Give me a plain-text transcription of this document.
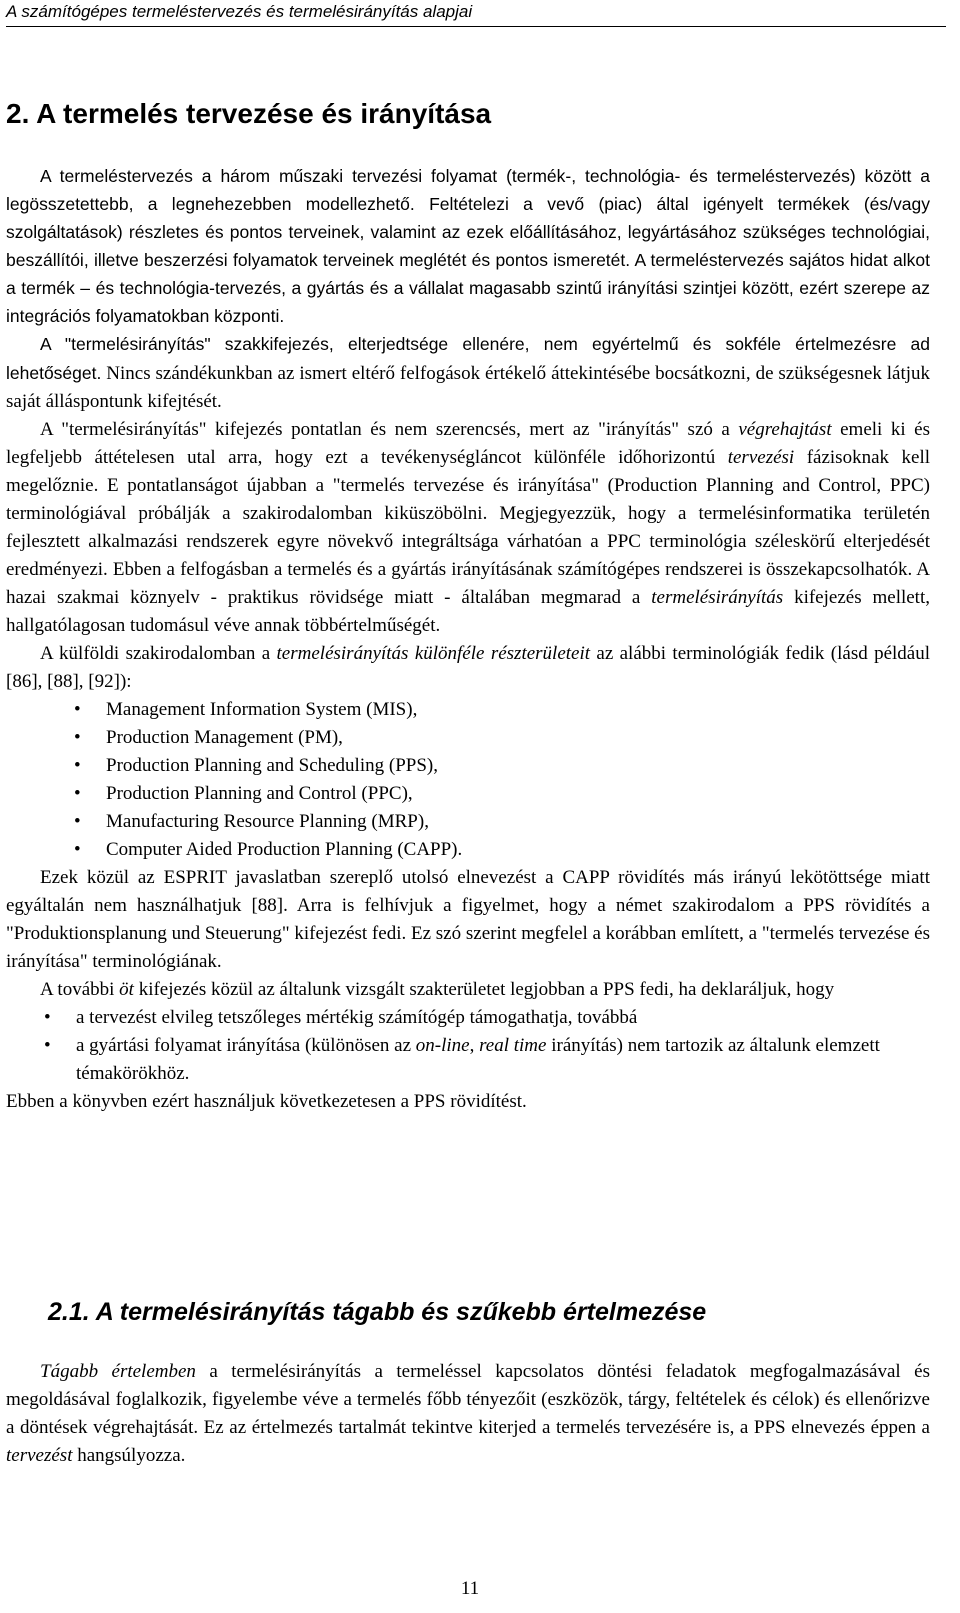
A számítógépes termeléstervezés és termelésirányítás alapjai
2. A termelés tervezése és irányítása

A termeléstervezés a három műszaki tervezési folyamat (termék-, technológia- és termeléstervezés) között a legösszetettebb, a legnehezebben modellezhető. Feltételezi a vevő (piac) által igényelt termékek (és/vagy szolgáltatások) részletes és pontos terveinek, valamint az ezek előállításához, legyártásához szükséges technológiai, beszállítói, illetve beszerzési folyamatok terveinek meglétét és pontos ismeretét. A termeléstervezés sajátos hidat alkot a termék – és technológia-tervezés, a gyártás és a vállalat magasabb szintű irányítási szintjei között, ezért szerepe az integrációs folyamatokban központi.

A "termelésirányítás" szakkifejezés, elterjedtsége ellenére, nem egyértelmű és sokféle értelmezésre ad lehetőséget. Nincs szándékunkban az ismert eltérő felfogások értékelő áttekintésébe bocsátkozni, de szükségesnek látjuk saját álláspontunk kifejtését.

A "termelésirányítás" kifejezés pontatlan és nem szerencsés, mert az "irányítás" szó a végrehajtást emeli ki és legfeljebb áttételesen utal arra, hogy ezt a tevékenységláncot különféle időhorizontú tervezési fázisoknak kell megelőznie. E pontatlanságot újabban a "termelés tervezése és irányítása" (Production Planning and Control, PPC) terminológiával próbálják a szakirodalomban kiküszöbölni. Megjegyezzük, hogy a termelésinformatika területén fejlesztett alkalmazási rendszerek egyre növekvő integráltsága várhatóan a PPC terminológia széleskörű elterjedését eredményezi. Ebben a felfogásban a termelés és a gyártás irányításának számítógépes rendszerei is összekapcsolhatók. A hazai szakmai köznyelv - praktikus rövidsége miatt - általában megmarad a termelésirányítás kifejezés mellett, hallgatólagosan tudomásul véve annak többértelműségét.

A külföldi szakirodalomban a termelésirányítás különféle részterületeit az alábbi terminológiák fedik (lásd például [86], [88], [92]):

• Management Information System (MIS),
• Production Management (PM),
• Production Planning and Scheduling (PPS),
• Production Planning and Control (PPC),
• Manufacturing Resource Planning (MRP),
• Computer Aided Production Planning (CAPP).

Ezek közül az ESPRIT javaslatban szereplő utolsó elnevezést a CAPP rövidítés más irányú lekötöttsége miatt egyáltalán nem használhatjuk [88]. Arra is felhívjuk a figyelmet, hogy a német szakirodalom a PPS rövidítés a "Produktionsplanung und Steuerung" kifejezést fedi. Ez szó szerint megfelel a korábban említett, a "termelés tervezése és irányítása" terminológiának.

A további öt kifejezés közül az általunk vizsgált szakterületet legjobban a PPS fedi, ha deklaráljuk, hogy

• a tervezést elvileg tetszőleges mértékig számítógép támogathatja, továbbá
• a gyártási folyamat irányítása (különösen az on-line, real time irányítás) nem tartozik az általunk elemzett témakörökhöz.

Ebben a könyvben ezért használjuk következetesen a PPS rövidítést.

2.1. A termelésirányítás tágabb és szűkebb értelmezése

Tágabb értelemben a termelésirányítás a termeléssel kapcsolatos döntési feladatok megfogalmazásával és megoldásával foglalkozik, figyelembe véve a termelés főbb tényezőit (eszközök, tárgy, feltételek és célok) és ellenőrizve a döntések végrehajtását. Ez az értelmezés tartalmát tekintve kiterjed a termelés tervezésére is, a PPS elnevezés éppen a tervezést hangsúlyozza.

11
